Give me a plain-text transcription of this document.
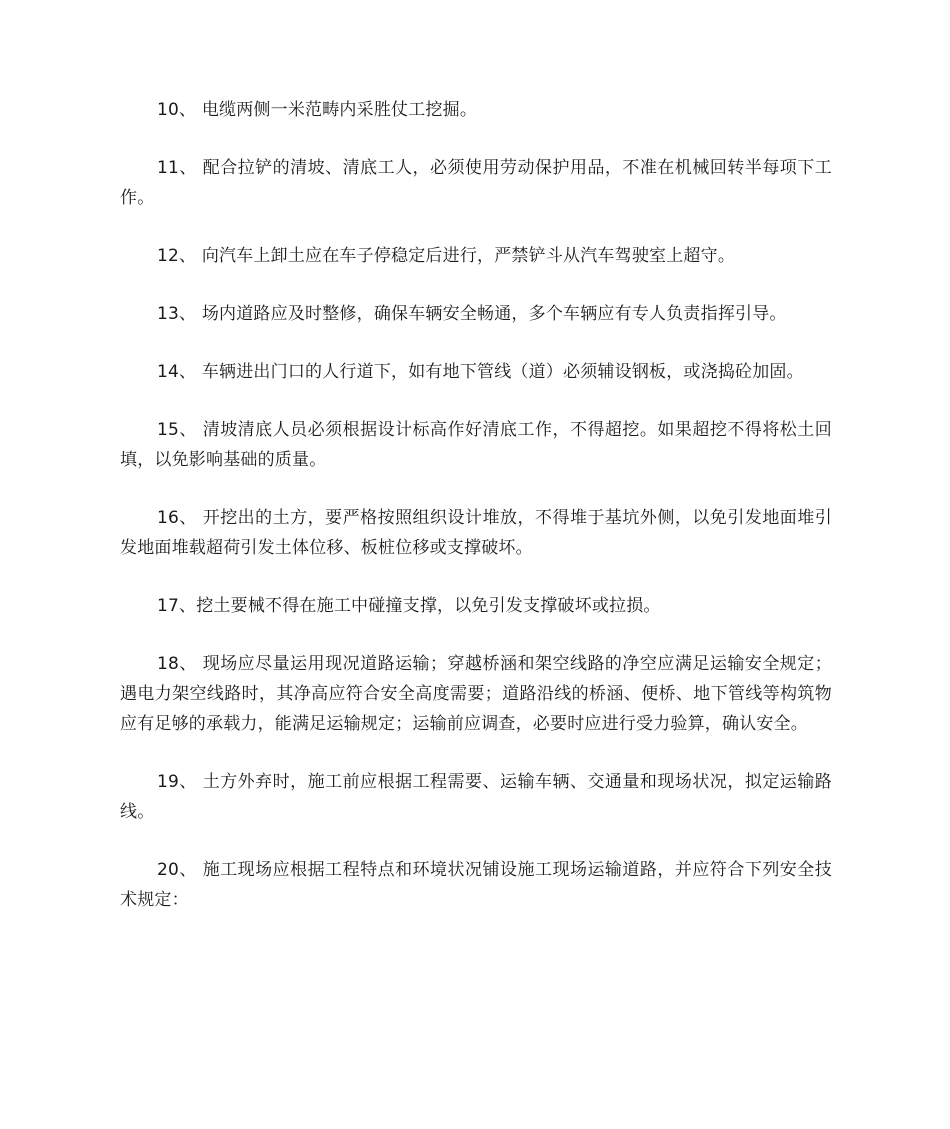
10、 电缆两侧一米范畴内采胜仗工挖掘。

11、 配合拉铲的清坡、清底工人，必须使用劳动保护用品，不准在机械回转半每项下工作。

12、 向汽车上卸土应在车子停稳定后进行，严禁铲斗从汽车驾驶室上超守。

13、 场内道路应及时整修，确保车辆安全畅通，多个车辆应有专人负责指挥引导。

14、 车辆进出门口的人行道下，如有地下管线（道）必须辅设钢板，或浇捣砼加固。

15、 清坡清底人员必须根据设计标高作好清底工作，不得超挖。如果超挖不得将松土回填，以免影响基础的质量。

16、 开挖出的土方，要严格按照组织设计堆放，不得堆于基坑外侧，以免引发地面堆引发地面堆载超荷引发土体位移、板桩位移或支撑破坏。

17、挖土要械不得在施工中碰撞支撑，以免引发支撑破坏或拉损。

18、 现场应尽量运用现况道路运输；穿越桥涵和架空线路的净空应满足运输安全规定；遇电力架空线路时，其净高应符合安全高度需要；道路沿线的桥涵、便桥、地下管线等构筑物应有足够的承载力，能满足运输规定；运输前应调查，必要时应进行受力验算，确认安全。

19、 土方外弃时，施工前应根据工程需要、运输车辆、交通量和现场状况，拟定运输路线。

20、 施工现场应根据工程特点和环境状况铺设施工现场运输道路，并应符合下列安全技术规定：
